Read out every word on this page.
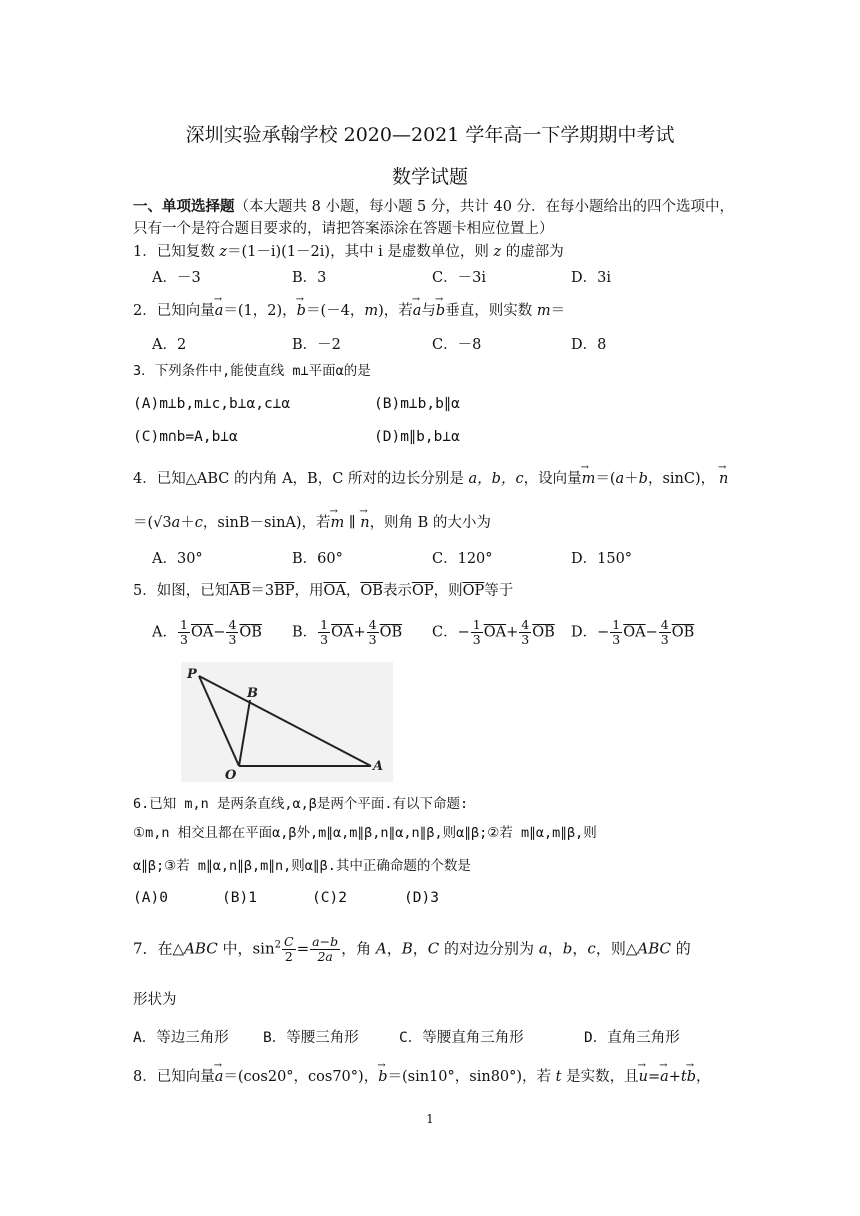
深圳实验承翰学校 2020—2021 学年高一下学期期中考试
数学试题
一、单项选择题（本大题共 8 小题，每小题 5 分，共计 40 分．在每小题给出的四个选项中，
只有一个是符合题目要求的，请把答案添涂在答题卡相应位置上）
1．已知复数 z＝(1－i)(1－2i)，其中 i 是虚数单位，则 z 的虚部为
A．－3	B．3	C．－3i	D．3i
2．已知向量→ a＝(1，2)，→ b＝(－4，m)，若→ a与→ b垂直，则实数 m＝
A．2	B．－2	C．－8	D．8
3．下列条件中,能使直线 m⊥平面α的是
(A)m⊥b,m⊥c,b⊥α,c⊥α	(B)m⊥b,b∥α
(C)m∩b=A,b⊥α	(D)m∥b,b⊥α
4．已知△ABC 的内角 A，B，C 所对的边长分别是 a，b，c，设向量→ m＝(a＋b，sinC)， → n
＝(√3a＋c，sinB－sinA)，若→ m ∥ → n，则角 B 的大小为
A．30°	B．60°	C．120°	D．150°
5．如图，已知$\overline{AB}=3\overline{BP}$，用$\overline{OA}$，$\overline{OB}$表示$\overline{OP}$，则$\overline{OP}$等于
A． $\frac{1}{3} \overline{OA}- \frac{4}{3} \overline{OB}$ B． $\frac{1}{3} \overline{OA}+ \frac{4}{3} \overline{OB}$ C．− $\frac{1}{3} \overline{OA}+ \frac{4}{3} \overline{OB}$ D．− $\frac{1}{3} \overline{OA}- \frac{4}{3} \overline{OB}$
P
B
O
A
6.已知 m,n 是两条直线,α,β是两个平面.有以下命题:
①m,n 相交且都在平面α,β外,m∥α,m∥β,n∥α,n∥β,则α∥β;②若 m∥α,m∥β,则
α∥β;③若 m∥α,n∥β,m∥n,则α∥β.其中正确命题的个数是
(A)0	(B)1	(C)2	(D)3
7．在△ABC 中，$\sin^2 \frac{C}{2} = \frac{a-b}{2a}$ ，角 A，B，C 的对边分别为 a，b，c，则△ABC 的
形状为
A．等边三角形 B．等腰三角形	C．等腰直角三角形	D．直角三角形
8．已知向量→ a＝(cos20°，cos70°)，→ b＝(sin10°，sin80°)，若 t 是实数，且→ u=→ a+t→ b，
1
